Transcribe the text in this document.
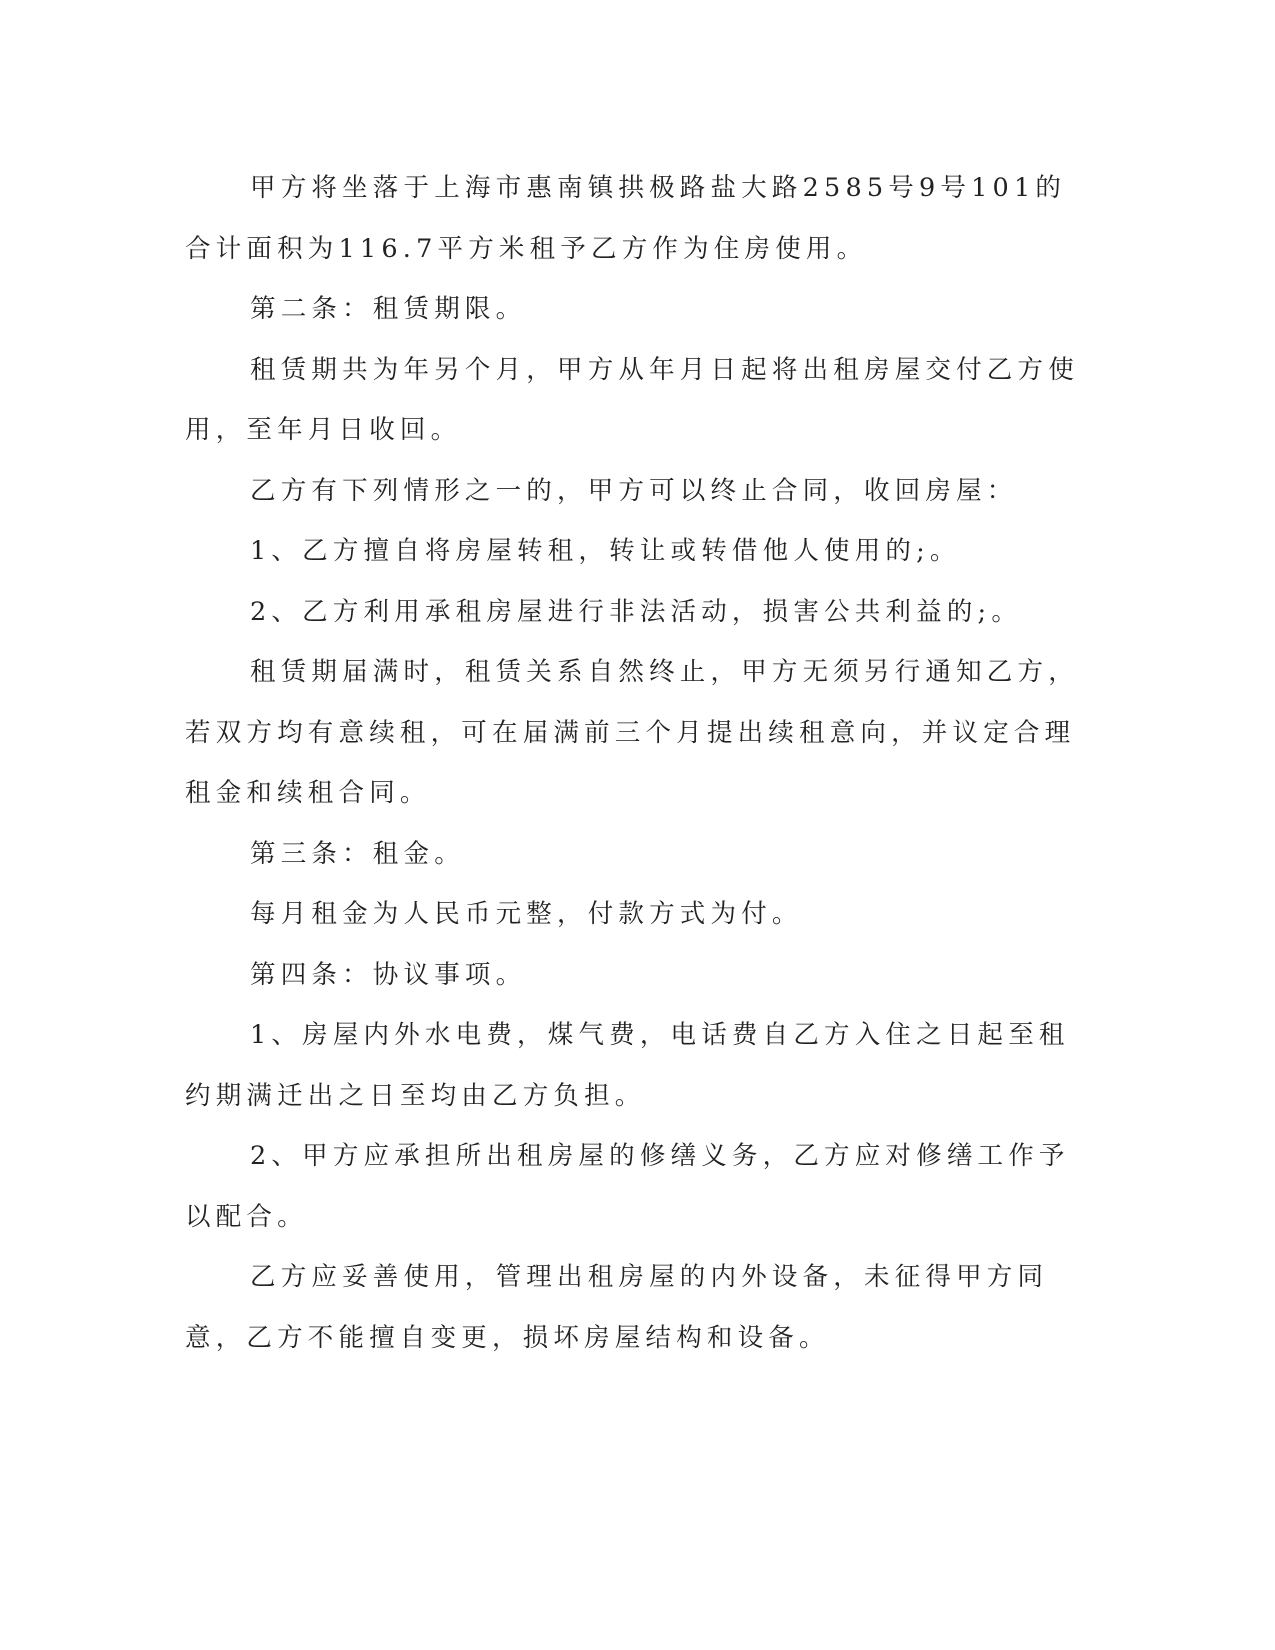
甲方将坐落于上海市惠南镇拱极路盐大路2585号9号101的合计面积为116.7平方米租予乙方作为住房使用。

第二条：租赁期限。

租赁期共为年另个月，甲方从年月日起将出租房屋交付乙方使用，至年月日收回。

乙方有下列情形之一的，甲方可以终止合同，收回房屋：

1、乙方擅自将房屋转租，转让或转借他人使用的;。

2、乙方利用承租房屋进行非法活动，损害公共利益的;。

租赁期届满时，租赁关系自然终止，甲方无须另行通知乙方，若双方均有意续租，可在届满前三个月提出续租意向，并议定合理租金和续租合同。

第三条：租金。

每月租金为人民币元整，付款方式为付。

第四条：协议事项。

1、房屋内外水电费，煤气费，电话费自乙方入住之日起至租约期满迁出之日至均由乙方负担。

2、甲方应承担所出租房屋的修缮义务，乙方应对修缮工作予以配合。

乙方应妥善使用，管理出租房屋的内外设备，未征得甲方同意，乙方不能擅自变更，损坏房屋结构和设备。
